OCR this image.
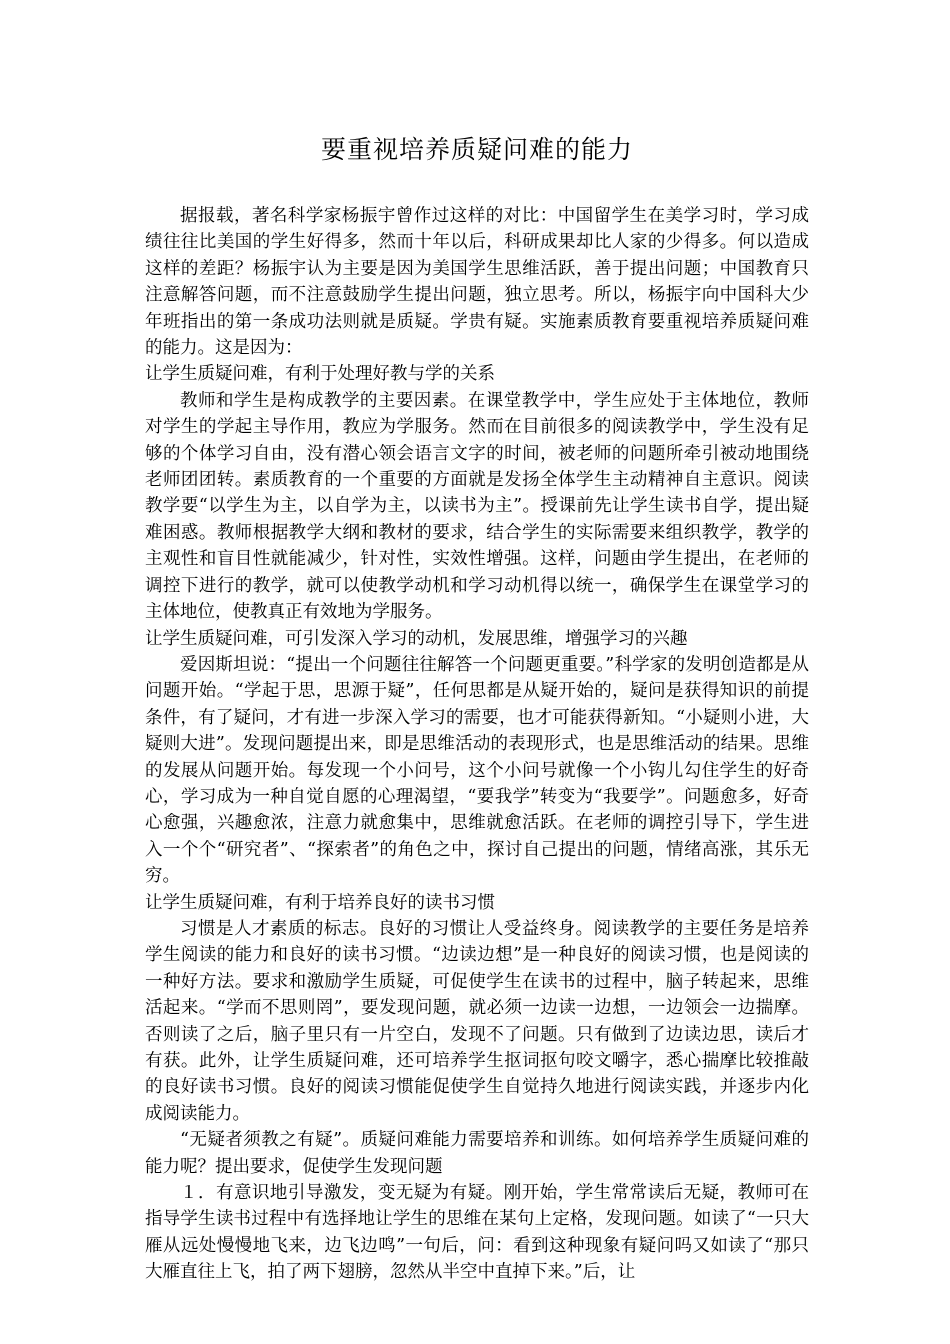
要重视培养质疑问难的能力

据报载，著名科学家杨振宇曾作过这样的对比：中国留学生在美学习时，学习成绩往往比美国的学生好得多，然而十年以后，科研成果却比人家的少得多。何以造成这样的差距？杨振宇认为主要是因为美国学生思维活跃，善于提出问题；中国教育只注意解答问题，而不注意鼓励学生提出问题，独立思考。所以，杨振宇向中国科大少年班指出的第一条成功法则就是质疑。学贵有疑。实施素质教育要重视培养质疑问难的能力。这是因为：

让学生质疑问难，有利于处理好教与学的关系

教师和学生是构成教学的主要因素。在课堂教学中，学生应处于主体地位，教师对学生的学起主导作用，教应为学服务。然而在目前很多的阅读教学中，学生没有足够的个体学习自由，没有潜心领会语言文字的时间，被老师的问题所牵引被动地围绕老师团团转。素质教育的一个重要的方面就是发扬全体学生主动精神自主意识。阅读教学要“以学生为主，以自学为主，以读书为主”。授课前先让学生读书自学，提出疑难困惑。教师根据教学大纲和教材的要求，结合学生的实际需要来组织教学，教学的主观性和盲目性就能减少，针对性，实效性增强。这样，问题由学生提出，在老师的调控下进行的教学，就可以使教学动机和学习动机得以统一，确保学生在课堂学习的主体地位，使教真正有效地为学服务。

让学生质疑问难，可引发深入学习的动机，发展思维，增强学习的兴趣

爱因斯坦说：“提出一个问题往往解答一个问题更重要。”科学家的发明创造都是从问题开始。“学起于思，思源于疑”，任何思都是从疑开始的，疑问是获得知识的前提条件，有了疑问，才有进一步深入学习的需要，也才可能获得新知。“小疑则小进，大疑则大进”。发现问题提出来，即是思维活动的表现形式，也是思维活动的结果。思维的发展从问题开始。每发现一个小问号，这个小问号就像一个小钩儿勾住学生的好奇心，学习成为一种自觉自愿的心理渴望，“要我学”转变为“我要学”。问题愈多，好奇心愈强，兴趣愈浓，注意力就愈集中，思维就愈活跃。在老师的调控引导下，学生进入一个个“研究者”、“探索者”的角色之中，探讨自己提出的问题，情绪高涨，其乐无穷。

让学生质疑问难，有利于培养良好的读书习惯

习惯是人才素质的标志。良好的习惯让人受益终身。阅读教学的主要任务是培养学生阅读的能力和良好的读书习惯。“边读边想”是一种良好的阅读习惯，也是阅读的一种好方法。要求和激励学生质疑，可促使学生在读书的过程中，脑子转起来，思维活起来。“学而不思则罔”，要发现问题，就必须一边读一边想，一边领会一边揣摩。否则读了之后，脑子里只有一片空白，发现不了问题。只有做到了边读边思，读后才有获。此外，让学生质疑问难，还可培养学生抠词抠句咬文嚼字，悉心揣摩比较推敲的良好读书习惯。良好的阅读习惯能促使学生自觉持久地进行阅读实践，并逐步内化成阅读能力。

“无疑者须教之有疑”。质疑问难能力需要培养和训练。如何培养学生质疑问难的能力呢？提出要求，促使学生发现问题

１．有意识地引导激发，变无疑为有疑。刚开始，学生常常读后无疑，教师可在指导学生读书过程中有选择地让学生的思维在某句上定格，发现问题。如读了“一只大雁从远处慢慢地飞来，边飞边鸣”一句后，问：看到这种现象有疑问吗又如读了“那只大雁直往上飞，拍了两下翅膀，忽然从半空中直掉下来。”后，让
